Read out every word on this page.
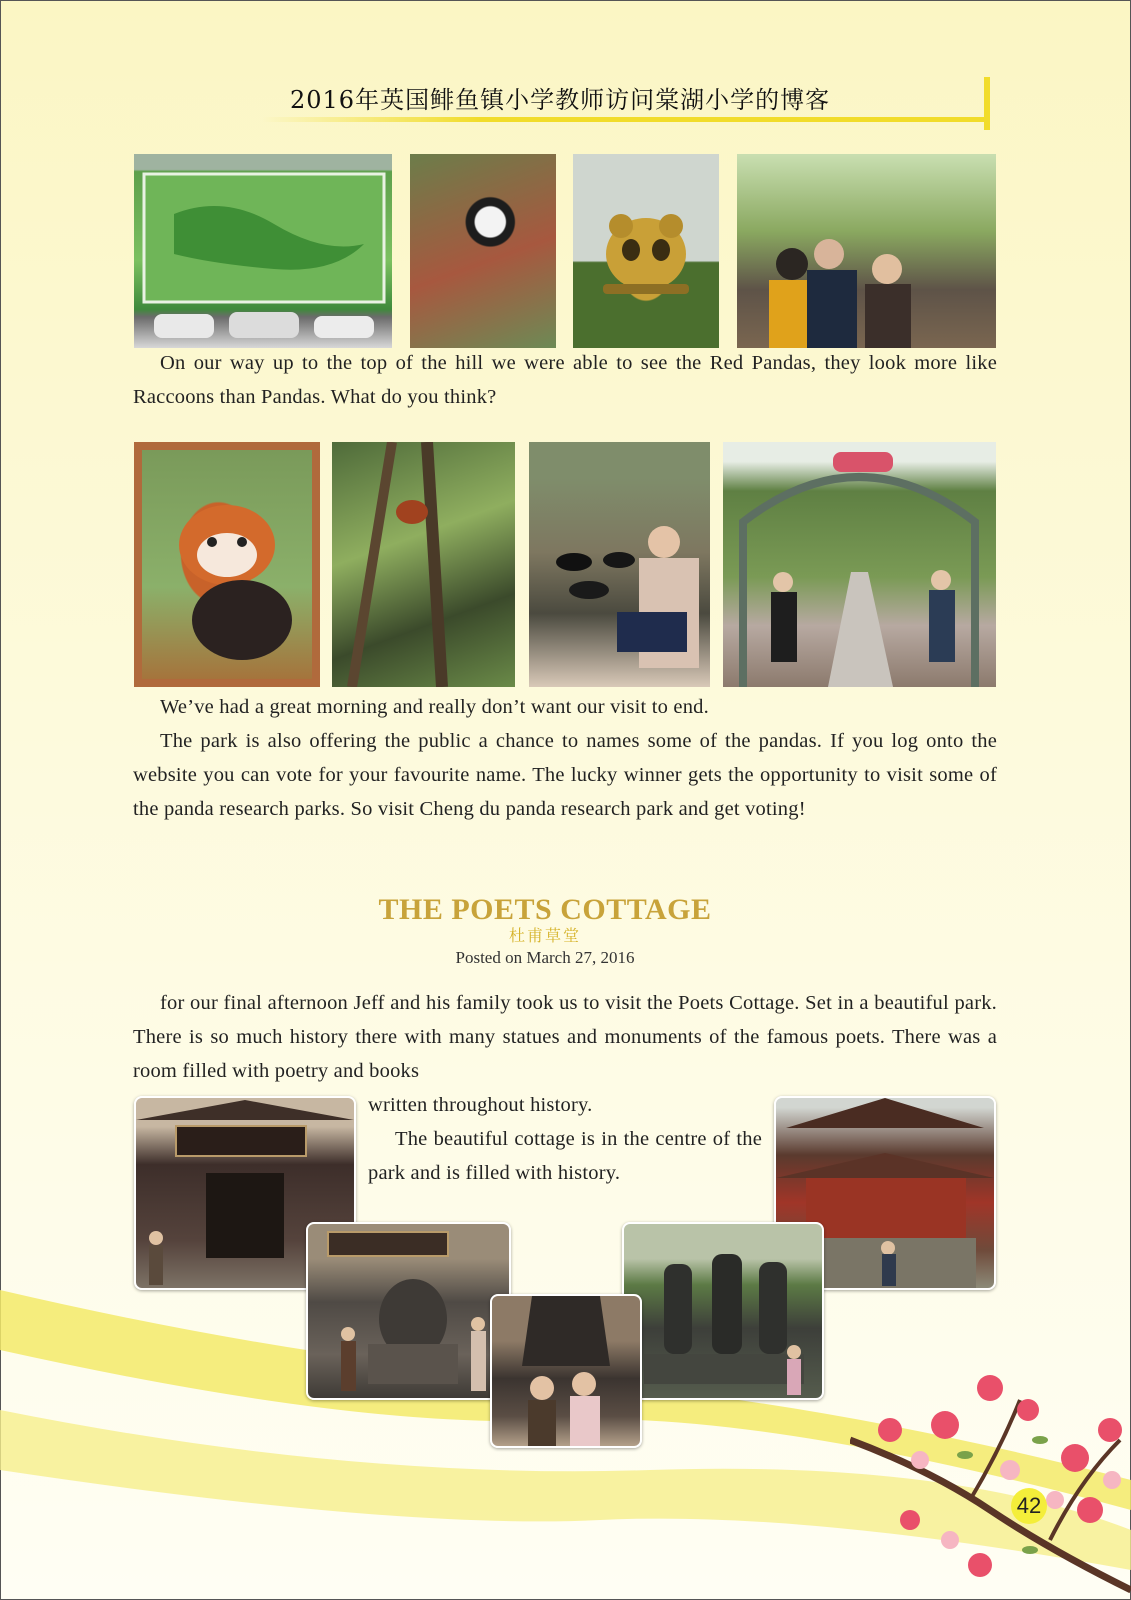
2016年英国鲱鱼镇小学教师访问棠湖小学的博客

On our way up to the top of the hill we were able to see the Red Pandas, they look more like Raccoons than Pandas. What do you think?

We’ve had a great morning and really don’t want our visit to end.

The park is also offering the public a chance to names some of the pandas. If you log onto the website you can vote for your favourite name. The lucky winner gets the opportunity to visit some of the panda research parks. So visit Cheng du panda research park and get voting!

THE POETS COTTAGE
杜甫草堂
Posted on March 27, 2016

for our final afternoon Jeff and his family took us to visit the Poets Cottage. Set in a beautiful park. There is so much history there with many statues and monuments of the famous poets. There was a room filled with poetry and books

written throughout history.

The beautiful cottage is in the centre of the park and is filled with history.

42
